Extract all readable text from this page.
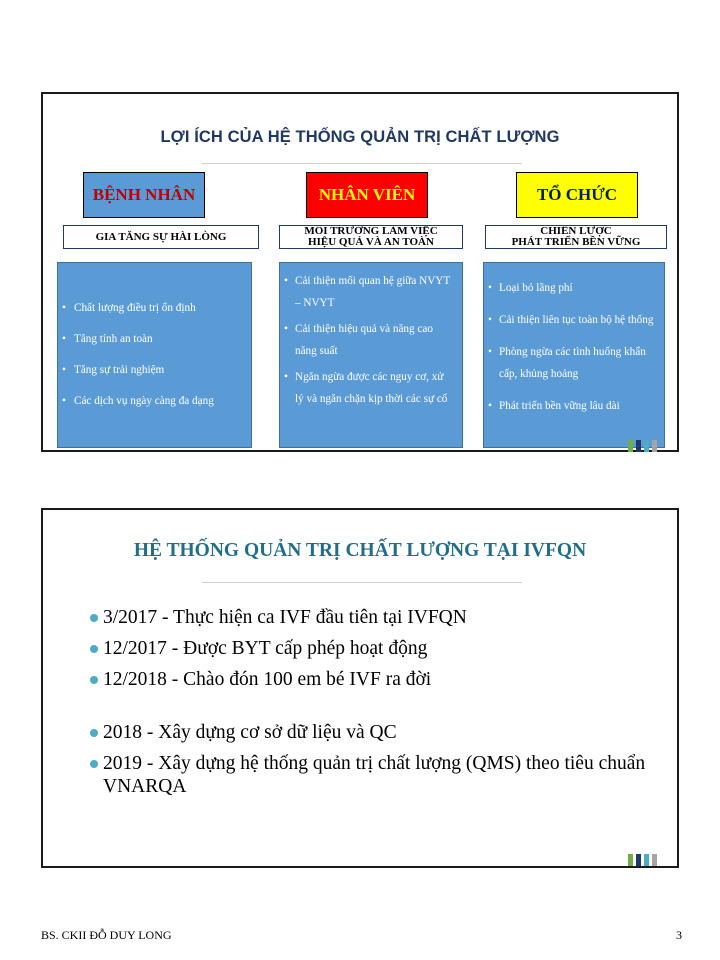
LỢI ÍCH CỦA HỆ THỐNG QUẢN TRỊ CHẤT LƯỢNG
BỆNH NHÂN	NHÂN VIÊN	TỔ CHỨC
GIA TĂNG SỰ HÀI LÒNG	MÔI TRƯỜNG LÀM VIỆC
HIỆU QUẢ VÀ AN TOÀN
CHIẾN LƯỢC
PHÁT TRIỂN BỀN VỮNG
• Chất lượng điều trị ổn định
• Tăng tính an toàn
• Tăng sự trải nghiệm
• Các dịch vụ ngày càng đa dạng
• Cải thiện mối quan hệ giữa NVYT – NVYT
• Cải thiện hiệu quả và năng cao năng suất
• Ngăn ngừa được các nguy cơ, xử lý và ngăn chặn kịp thời các sự cố
• Loại bỏ lãng phí
• Cải thiện liên tục toàn bộ hệ thống
• Phòng ngừa các tình huống khẩn cấp, khủng hoảng
• Phát triển bền vững lâu dài
HỆ THỐNG QUẢN TRỊ CHẤT LƯỢNG TẠI IVFQN
3/2017 - Thực hiện ca IVF đầu tiên tại IVFQN
12/2017 - Được BYT cấp phép hoạt động
12/2018 - Chào đón 100 em bé IVF ra đời
2018 - Xây dựng cơ sở dữ liệu và QC
2019 - Xây dựng hệ thống quản trị chất lượng (QMS) theo tiêu chuẩn VNARQA
BS. CKII ĐỖ DUY LONG	3
